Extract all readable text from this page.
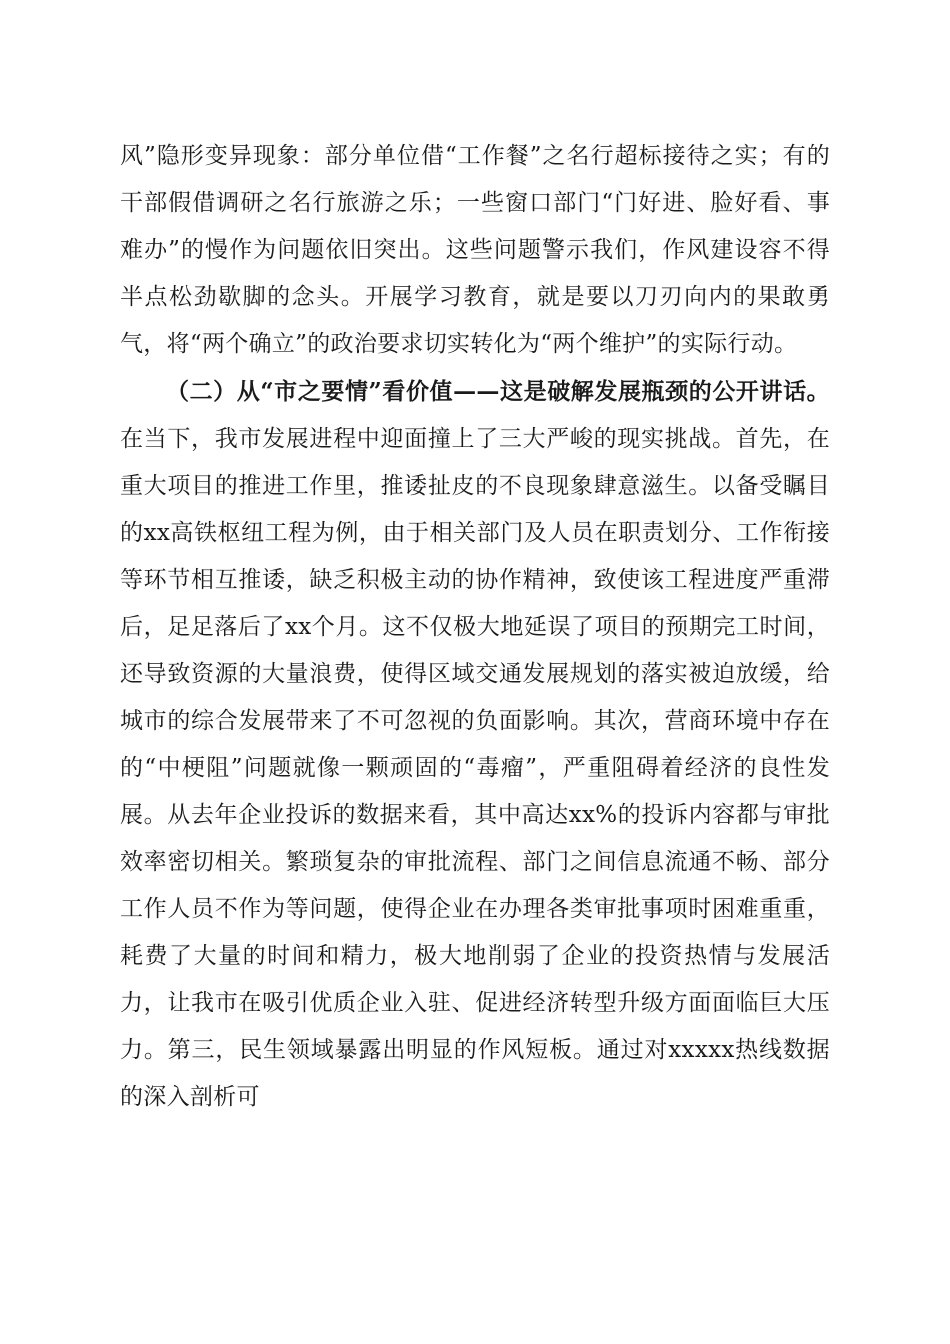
风”隐形变异现象：部分单位借“工作餐”之名行超标接待之实；有的干部假借调研之名行旅游之乐；一些窗口部门“门好进、脸好看、事难办”的慢作为问题依旧突出。这些问题警示我们，作风建设容不得半点松劲歇脚的念头。开展学习教育，就是要以刀刃向内的果敢勇气，将“两个确立”的政治要求切实转化为“两个维护”的实际行动。

（二）从“市之要情”看价值——这是破解发展瓶颈的公开讲话。在当下，我市发展进程中迎面撞上了三大严峻的现实挑战。首先，在重大项目的推进工作里，推诿扯皮的不良现象肆意滋生。以备受瞩目的xx高铁枢纽工程为例，由于相关部门及人员在职责划分、工作衔接等环节相互推诿，缺乏积极主动的协作精神，致使该工程进度严重滞后，足足落后了xx个月。这不仅极大地延误了项目的预期完工时间，还导致资源的大量浪费，使得区域交通发展规划的落实被迫放缓，给城市的综合发展带来了不可忽视的负面影响。其次，营商环境中存在的“中梗阻”问题就像一颗顽固的“毒瘤”，严重阻碍着经济的良性发展。从去年企业投诉的数据来看，其中高达xx%的投诉内容都与审批效率密切相关。繁琐复杂的审批流程、部门之间信息流通不畅、部分工作人员不作为等问题，使得企业在办理各类审批事项时困难重重，耗费了大量的时间和精力，极大地削弱了企业的投资热情与发展活力，让我市在吸引优质企业入驻、促进经济转型升级方面面临巨大压力。第三，民生领域暴露出明显的作风短板。通过对xxxxx热线数据的深入剖析可
